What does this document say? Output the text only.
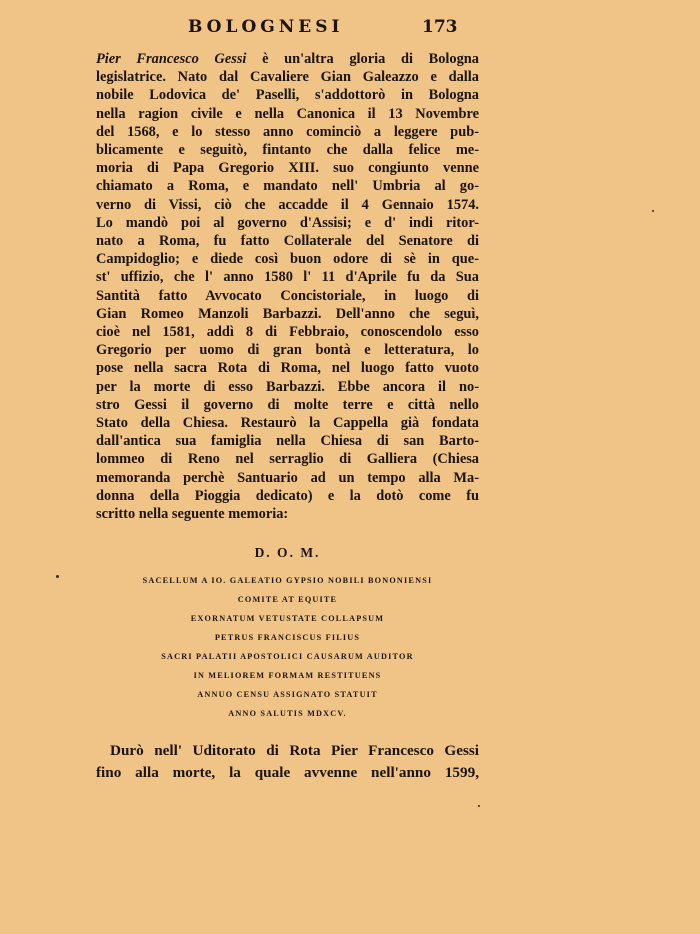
BOLOGNESI	173
Pier Francesco Gessi è un'altra gloria di Bologna
legislatrice. Nato dal Cavaliere Gian Galeazzo e dalla
nobile Lodovica de' Paselli, s'addottorò in Bologna
nella ragion civile e nella Canonica il 13 Novembre
del 1568, e lo stesso anno cominciò a leggere pub-
blicamente e seguitò, fintanto che dalla felice me-
moria di Papa Gregorio XIII. suo congiunto venne
chiamato a Roma, e mandato nell' Umbria al go-
verno di Vissi, ciò che accadde il 4 Gennaio 1574.
Lo mandò poi al governo d'Assisi; e d' indi ritor-
nato a Roma, fu fatto Collaterale del Senatore di
Campidoglio; e diede così buon odore di sè in que-
st' uffizio, che l' anno 1580 l' 11 d'Aprile fu da Sua
Santità fatto Avvocato Concistoriale, in luogo di
Gian Romeo Manzoli Barbazzi. Dell'anno che seguì,
cioè nel 1581, addì 8 di Febbraio, conoscendolo esso
Gregorio per uomo di gran bontà e letteratura, lo
pose nella sacra Rota di Roma, nel luogo fatto vuoto
per la morte di esso Barbazzi. Ebbe ancora il no-
stro Gessi il governo di molte terre e città nello
Stato della Chiesa. Restaurò la Cappella già fondata
dall'antica sua famiglia nella Chiesa di san Barto-
lommeo di Reno nel serraglio di Galliera (Chiesa
memoranda perchè Santuario ad un tempo alla Ma-
donna della Pioggia dedicato) e la dotò come fu
scritto nella seguente memoria:
D. O. M.
SACELLUM A IO. GALEATIO GYPSIO NOBILI BONONIENSI
COMITE AT EQUITE
EXORNATUM VETUSTATE COLLAPSUM
PETRUS FRANCISCUS FILIUS
SACRI PALATII APOSTOLICI CAUSARUM AUDITOR
IN MELIOREM FORMAM RESTITUENS
ANNUO CENSU ASSIGNATO STATUIT
ANNO SALUTIS MDXCV.
Durò nell' Uditorato di Rota Pier Francesco Gessi
fino alla morte, la quale avvenne nell'anno 1599,
